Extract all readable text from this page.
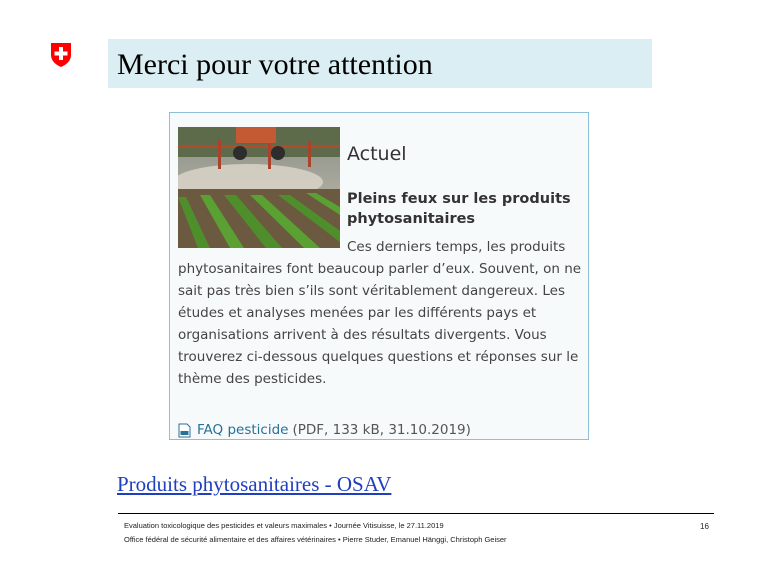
Merci pour votre attention
Actuel
Pleins feux sur les produits phytosanitaires
Ces derniers temps, les produits
phytosanitaires font beaucoup parler d’eux. Souvent, on ne
sait pas très bien s’ils sont véritablement dangereux. Les
études et analyses menées par les différents pays et
organisations arrivent à des résultats divergents. Vous
trouverez ci-dessous quelques questions et réponses sur le
thème des pesticides.
FAQ pesticide (PDF, 133 kB, 31.10.2019)
Produits phytosanitaires - OSAV
Evaluation toxicologique des pesticides et valeurs maximales • Journée Vitisuisse, le 27.11.2019
Office fédéral de sécurité alimentaire et des affaires vétérinaires • Pierre Studer, Emanuel Hänggi, Christoph Geiser
16
